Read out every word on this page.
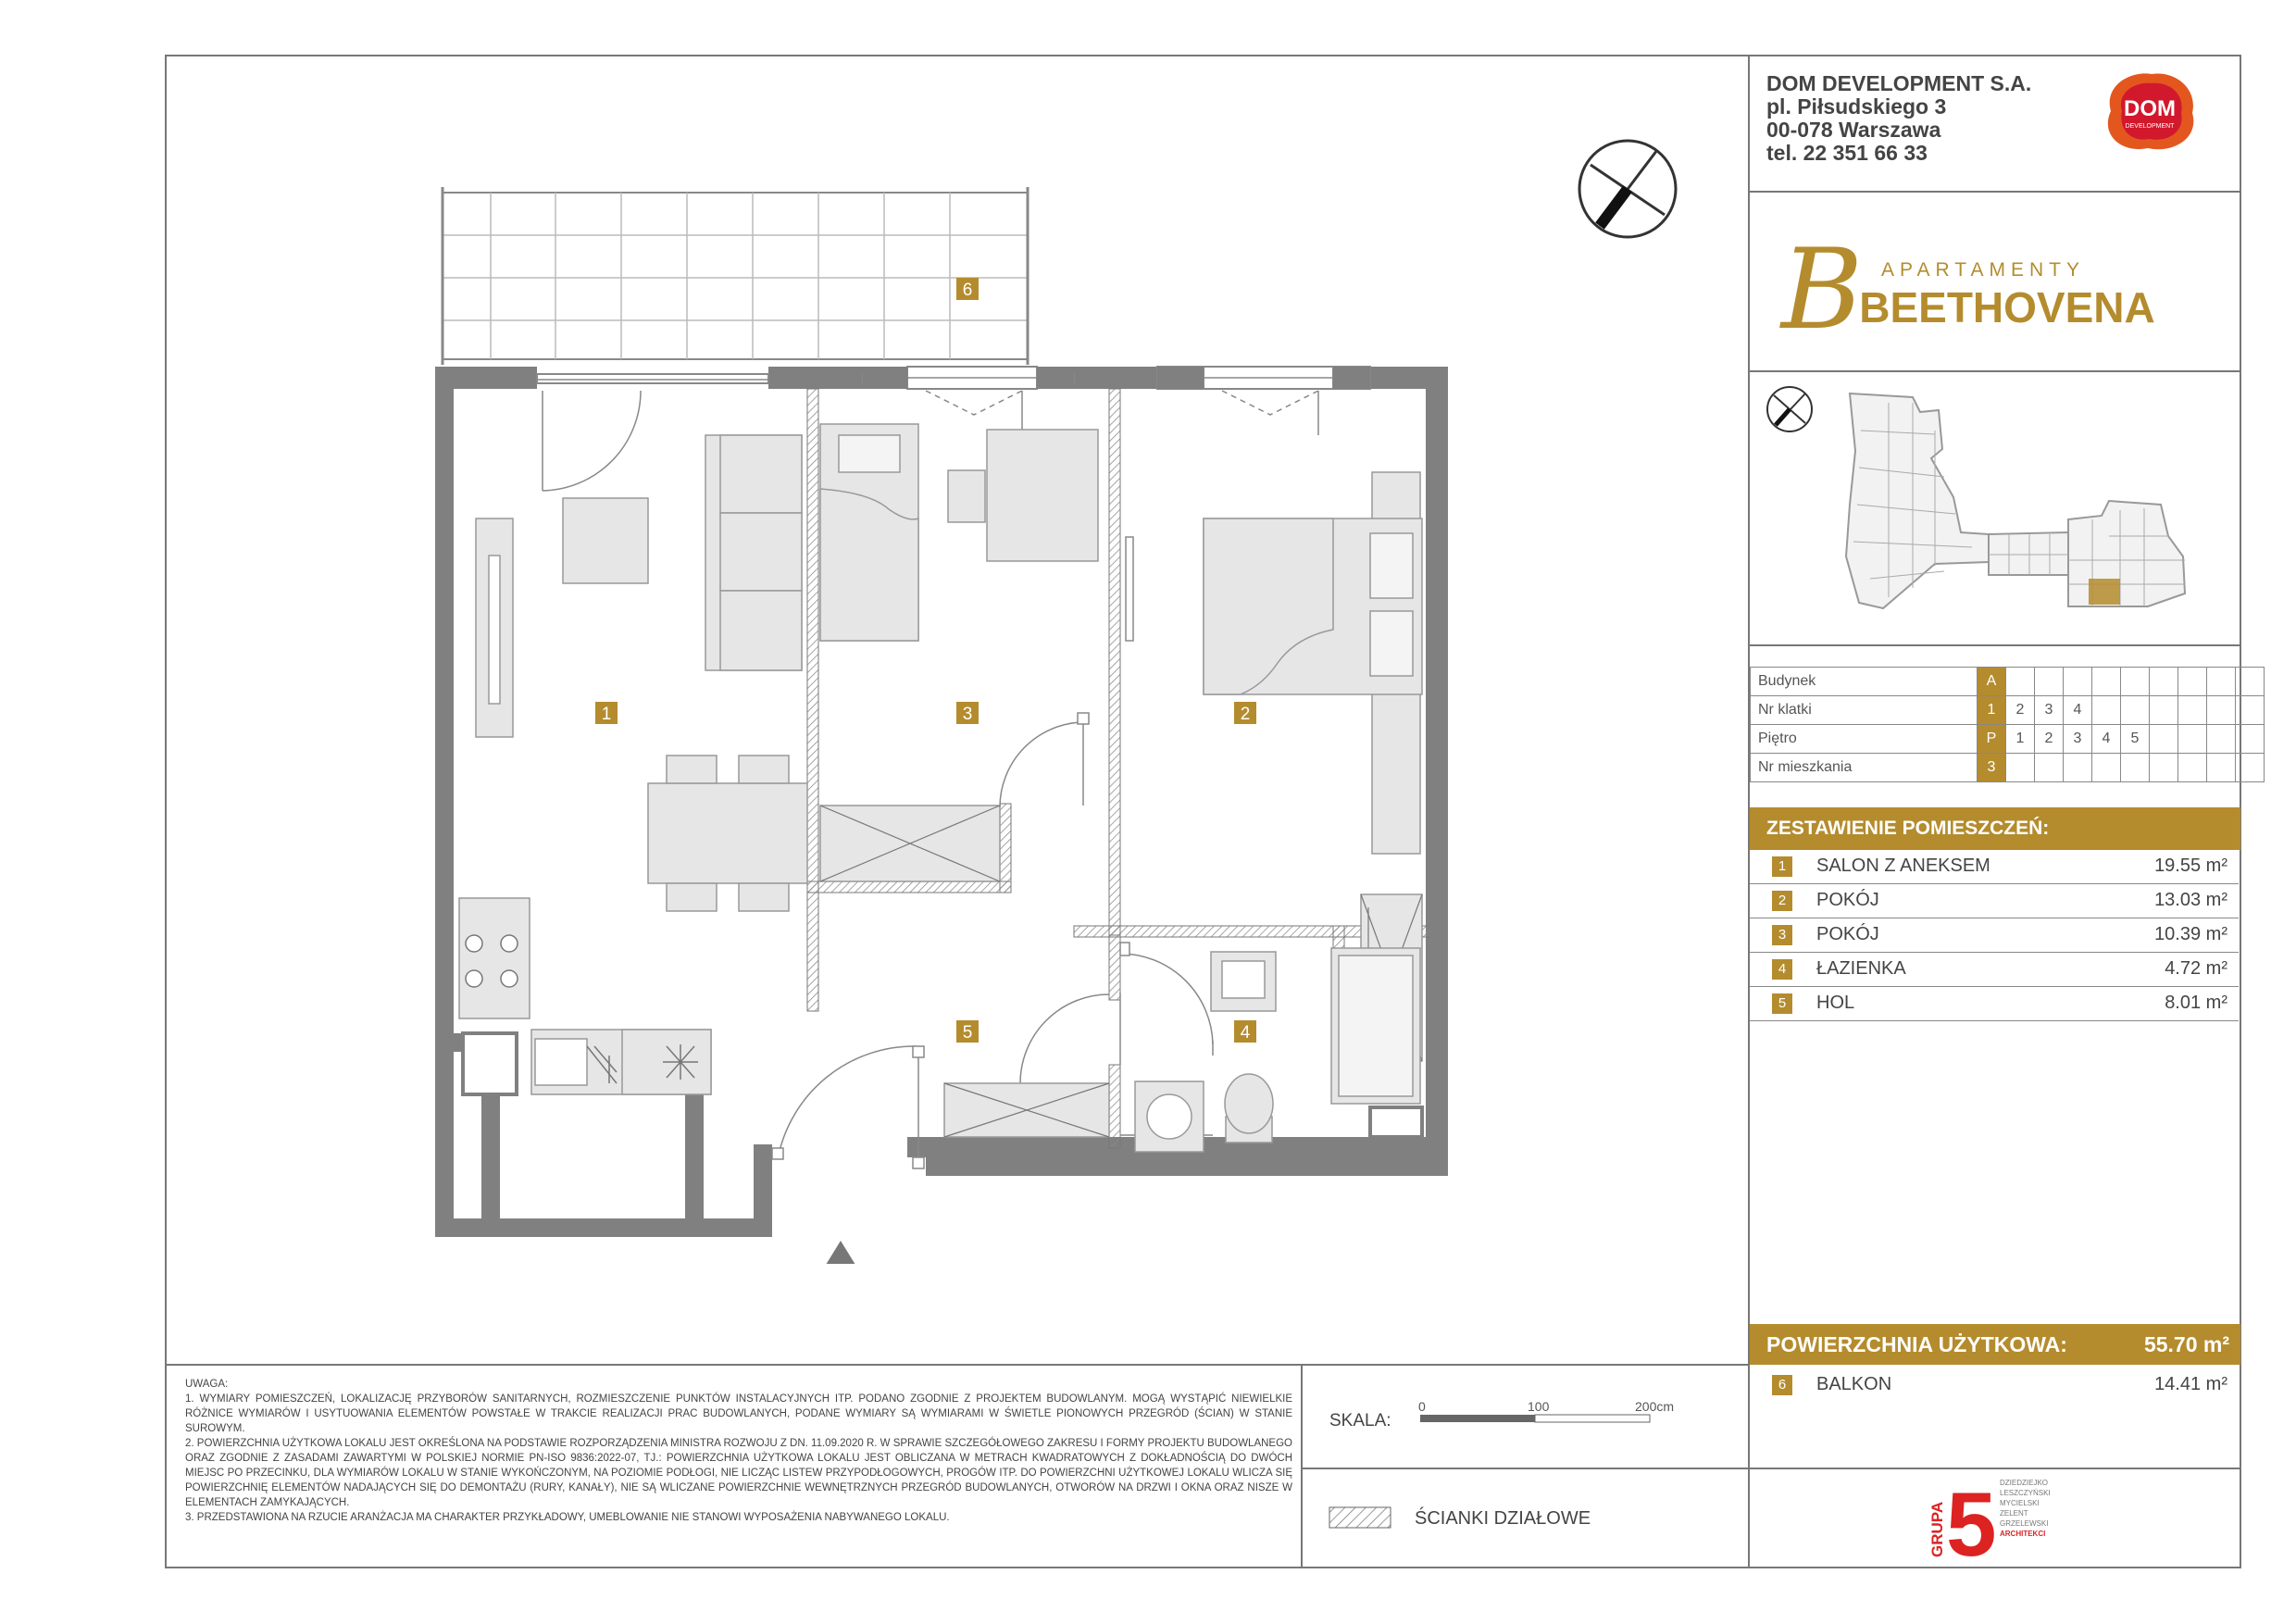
DOM DEVELOPMENT S.A.
pl. Piłsudskiego 3
00-078 Warszawa
tel. 22 351 66 33
DOM
DEVELOPMENT
B APARTAMENTY
BEETHOVENA
Budynek	A									
Nr klatki	1	2	3	4						
Piętro	P	1	2	3	4	5				
Nr mieszkania	3									
ZESTAWIENIE POMIESZCZEŃ:
1	SALON Z ANEKSEM	19.55 m²
2	POKÓJ	13.03 m²
3	POKÓJ	10.39 m²
4	ŁAZIENKA	4.72 m²
5	HOL	8.01 m²
POWIERZCHNIA UŻYTKOWA:	55.70 m²
6	BALKON	14.41 m²
GRUPA 5 DZIEDZIEJKO
LESZCZYŃSKI
MYCIELSKI
ZELENT
GRZELEWSKI
ARCHITEKCI
UWAGA:
1. WYMIARY POMIESZCZEŃ, LOKALIZACJĘ PRZYBORÓW SANITARNYCH, ROZMIESZCZENIE PUNKTÓW INSTALACYJNYCH ITP. PODANO ZGODNIE Z PROJEKTEM BUDOWLANYM. MOGĄ WYSTĄPIĆ NIEWIELKIE RÓŻNICE WYMIARÓW I USYTUOWANIA ELEMENTÓW POWSTAŁE W TRAKCIE REALIZACJI PRAC BUDOWLANYCH, PODANE WYMIARY SĄ WYMIARAMI W ŚWIETLE PIONOWYCH PRZEGRÓD (ŚCIAN) W STANIE SUROWYM.
2. POWIERZCHNIA UŻYTKOWA LOKALU JEST OKREŚLONA NA PODSTAWIE ROZPORZĄDZENIA MINISTRA ROZWOJU Z DN. 11.09.2020 R. W SPRAWIE SZCZEGÓŁOWEGO ZAKRESU I FORMY PROJEKTU BUDOWLANEGO ORAZ ZGODNIE Z ZASADAMI ZAWARTYMI W POLSKIEJ NORMIE PN-ISO 9836:2022-07, TJ.: POWIERZCHNIA UŻYTKOWA LOKALU JEST OBLICZANA W METRACH KWADRATOWYCH Z DOKŁADNOŚCIĄ DO DWÓCH MIEJSC PO PRZECINKU, DLA WYMIARÓW LOKALU W STANIE WYKOŃCZONYM, NA POZIOMIE PODŁOGI, NIE LICZĄC LISTEW PRZYPODŁOGOWYCH, PROGÓW ITP. DO POWIERZCHNI UŻYTKOWEJ LOKALU WLICZA SIĘ POWIERZCHNIĘ ELEMENTÓW NADAJĄCYCH SIĘ DO DEMONTAŻU (RURY, KANAŁY), NIE SĄ WLICZANE POWIERZCHNIE WEWNĘTRZNYCH PRZEGRÓD BUDOWLANYCH, OTWORÓW NA DRZWI I OKNA ORAZ NISZE W ELEMENTACH ZAMYKAJĄCYCH.
3. PRZEDSTAWIONA NA RZUCIE ARANŻACJA MA CHARAKTER PRZYKŁADOWY, UMEBLOWANIE NIE STANOWI WYPOSAŻENIA NABYWANEGO LOKALU.
SKALA:
0	100	200cm
ŚCIANKI DZIAŁOWE
1	2
3
4
5
6
